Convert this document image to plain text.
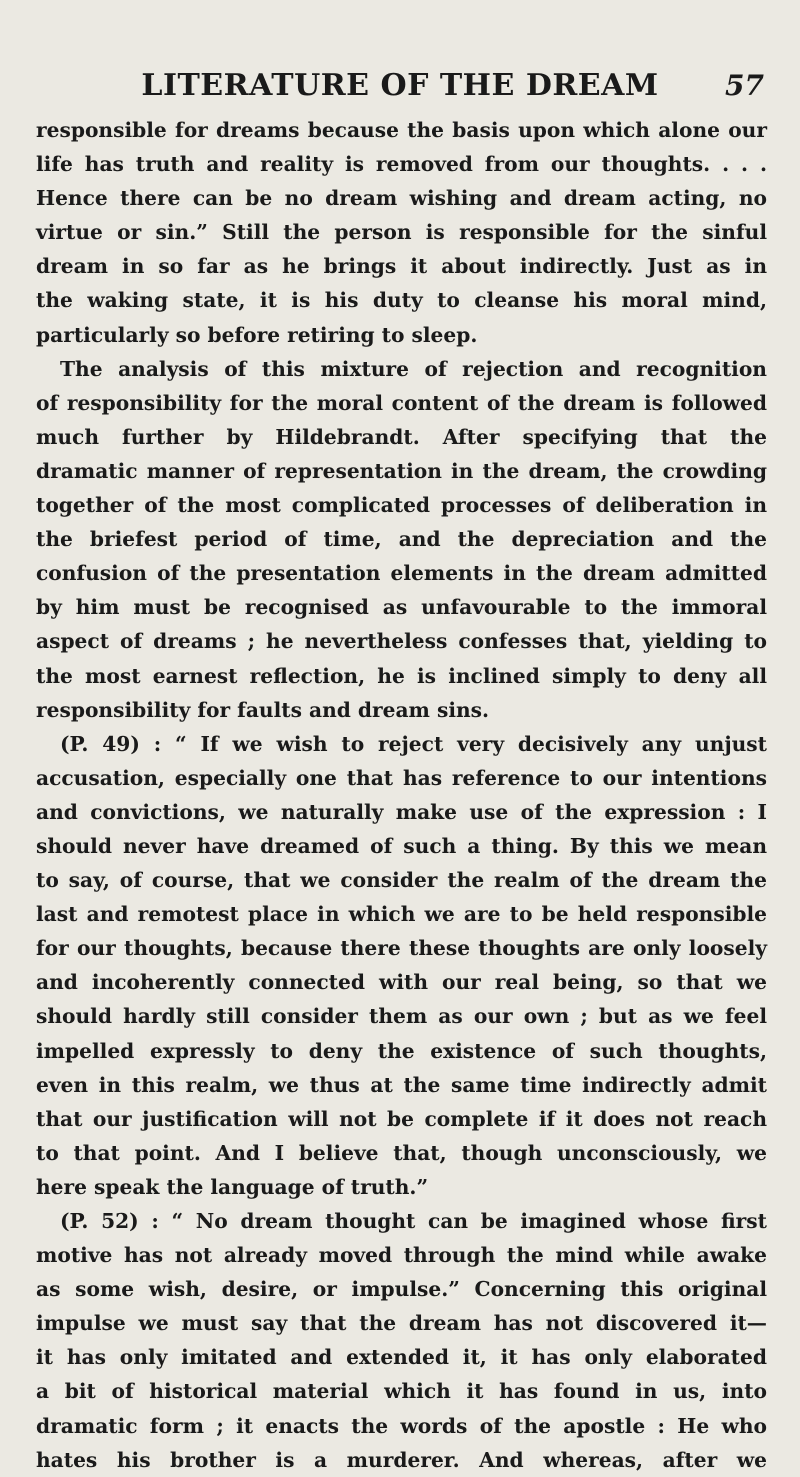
LITERATURE OF THE DREAM	57
responsible for dreams because the basis upon which alone our
life has truth and reality is removed from our thoughts. . . .
Hence there can be no dream wishing and dream acting, no
virtue or sin.” Still the person is responsible for the sinful
dream in so far as he brings it about indirectly. Just as in
the waking state, it is his duty to cleanse his moral mind,
particularly so before retiring to sleep.
The analysis of this mixture of rejection and recognition
of responsibility for the moral content of the dream is followed
much further by Hildebrandt. After specifying that the
dramatic manner of representation in the dream, the crowding
together of the most complicated processes of deliberation in
the briefest period of time, and the depreciation and the
confusion of the presentation elements in the dream admitted
by him must be recognised as unfavourable to the immoral
aspect of dreams ; he nevertheless confesses that, yielding to
the most earnest reflection, he is inclined simply to deny all
responsibility for faults and dream sins.
(P. 49) : “ If we wish to reject very decisively any unjust
accusation, especially one that has reference to our intentions
and convictions, we naturally make use of the expression : I
should never have dreamed of such a thing. By this we mean
to say, of course, that we consider the realm of the dream the
last and remotest place in which we are to be held responsible
for our thoughts, because there these thoughts are only loosely
and incoherently connected with our real being, so that we
should hardly still consider them as our own ; but as we feel
impelled expressly to deny the existence of such thoughts,
even in this realm, we thus at the same time indirectly admit
that our justification will not be complete if it does not reach
to that point. And I believe that, though unconsciously, we
here speak the language of truth.”
(P. 52) : “ No dream thought can be imagined whose first
motive has not already moved through the mind while awake
as some wish, desire, or impulse.” Concerning this original
impulse we must say that the dream has not discovered it—
it has only imitated and extended it, it has only elaborated
a bit of historical material which it has found in us, into
dramatic form ; it enacts the words of the apostle : He who
hates his brother is a murderer. And whereas, after we
